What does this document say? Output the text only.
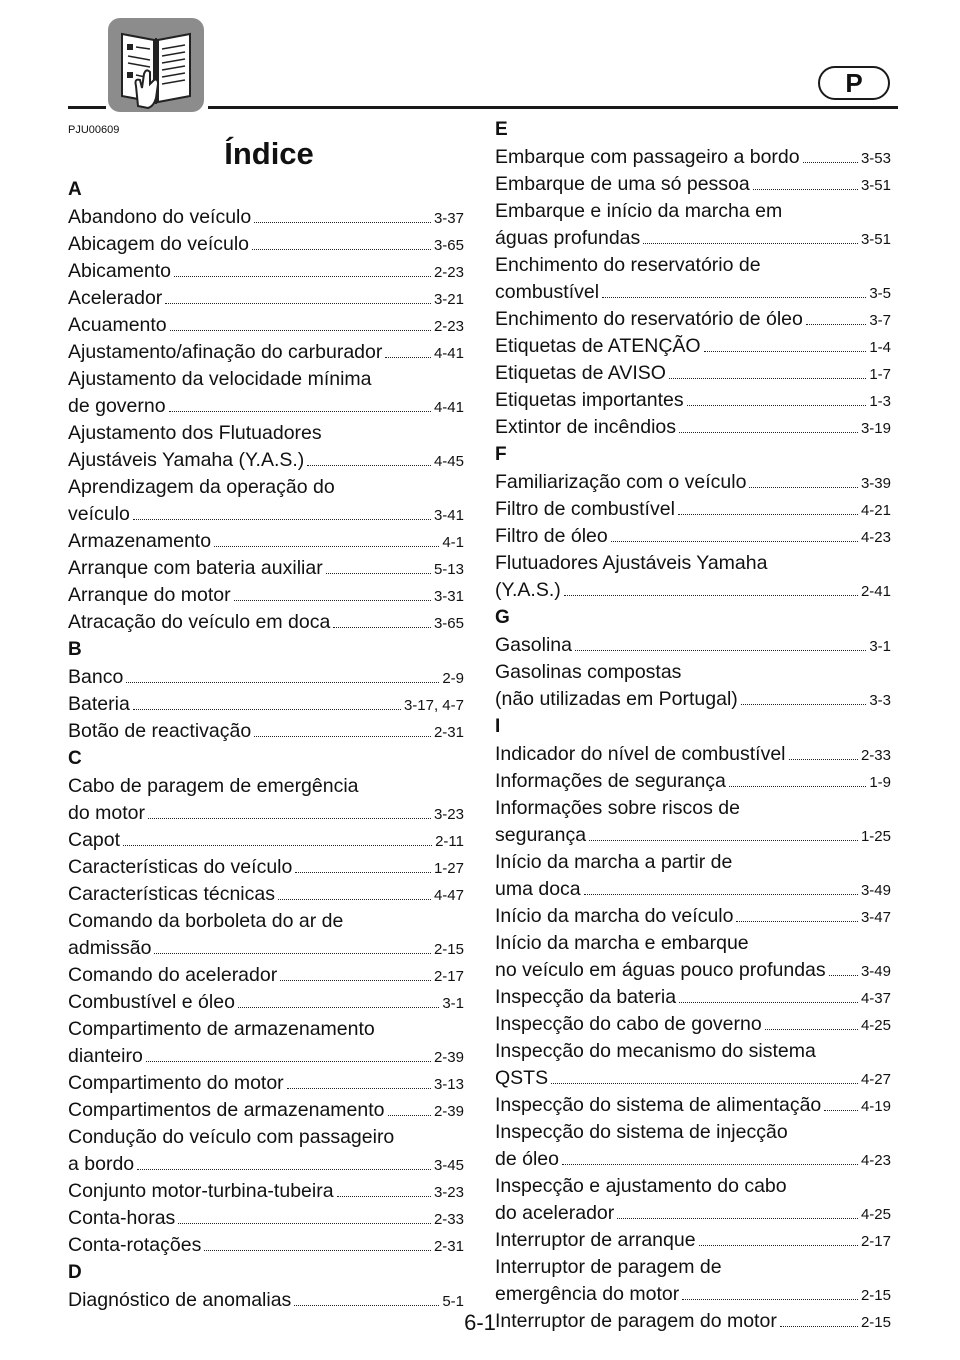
P
PJU00609
Índice
A
Abandono do veículo	3-37
Abicagem do veículo	3-65
Abicamento	2-23
Acelerador	3-21
Acuamento	2-23
Ajustamento/afinação do carburador	4-41
Ajustamento da velocidade mínima
de governo	4-41
Ajustamento dos Flutuadores
Ajustáveis Yamaha (Y.A.S.)	4-45
Aprendizagem da operação do
veículo	3-41
Armazenamento	4-1
Arranque com bateria auxiliar	5-13
Arranque do motor	3-31
Atracação do veículo em doca	3-65
B
Banco	2-9
Bateria	3-17, 4-7
Botão de reactivação	2-31
C
Cabo de paragem de emergência
do motor	3-23
Capot	2-11
Características do veículo	1-27
Características técnicas	4-47
Comando da borboleta do ar de
admissão	2-15
Comando do acelerador	2-17
Combustível e óleo	3-1
Compartimento de armazenamento
dianteiro	2-39
Compartimento do motor	3-13
Compartimentos de armazenamento	2-39
Condução do veículo com passageiro
a bordo	3-45
Conjunto motor-turbina-tubeira	3-23
Conta-horas	2-33
Conta-rotações	2-31
D
Diagnóstico de anomalias	5-1
E
Embarque com passageiro a bordo	3-53
Embarque de uma só pessoa	3-51
Embarque e início da marcha em
águas profundas	3-51
Enchimento do reservatório de
combustível	3-5
Enchimento do reservatório de óleo	3-7
Etiquetas de ATENÇÃO	1-4
Etiquetas de AVISO	1-7
Etiquetas importantes	1-3
Extintor de incêndios	3-19
F
Familiarização com o veículo	3-39
Filtro de combustível	4-21
Filtro de óleo	4-23
Flutuadores Ajustáveis Yamaha
(Y.A.S.)	2-41
G
Gasolina	3-1
Gasolinas compostas
(não utilizadas em Portugal)	3-3
I
Indicador do nível de combustível	2-33
Informações de segurança	1-9
Informações sobre riscos de
segurança	1-25
Início da marcha a partir de
uma doca	3-49
Início da marcha do veículo	3-47
Início da marcha e embarque
no veículo em águas pouco profundas 3-49
Inspecção da bateria	4-37
Inspecção do cabo de governo	4-25
Inspecção do mecanismo do sistema
QSTS	4-27
Inspecção do sistema de alimentação	4-19
Inspecção do sistema de injecção
de óleo	4-23
Inspecção e ajustamento do cabo
do acelerador	4-25
Interruptor de arranque	2-17
Interruptor de paragem de
emergência do motor	2-15
Interruptor de paragem do motor	2-15
6-1
